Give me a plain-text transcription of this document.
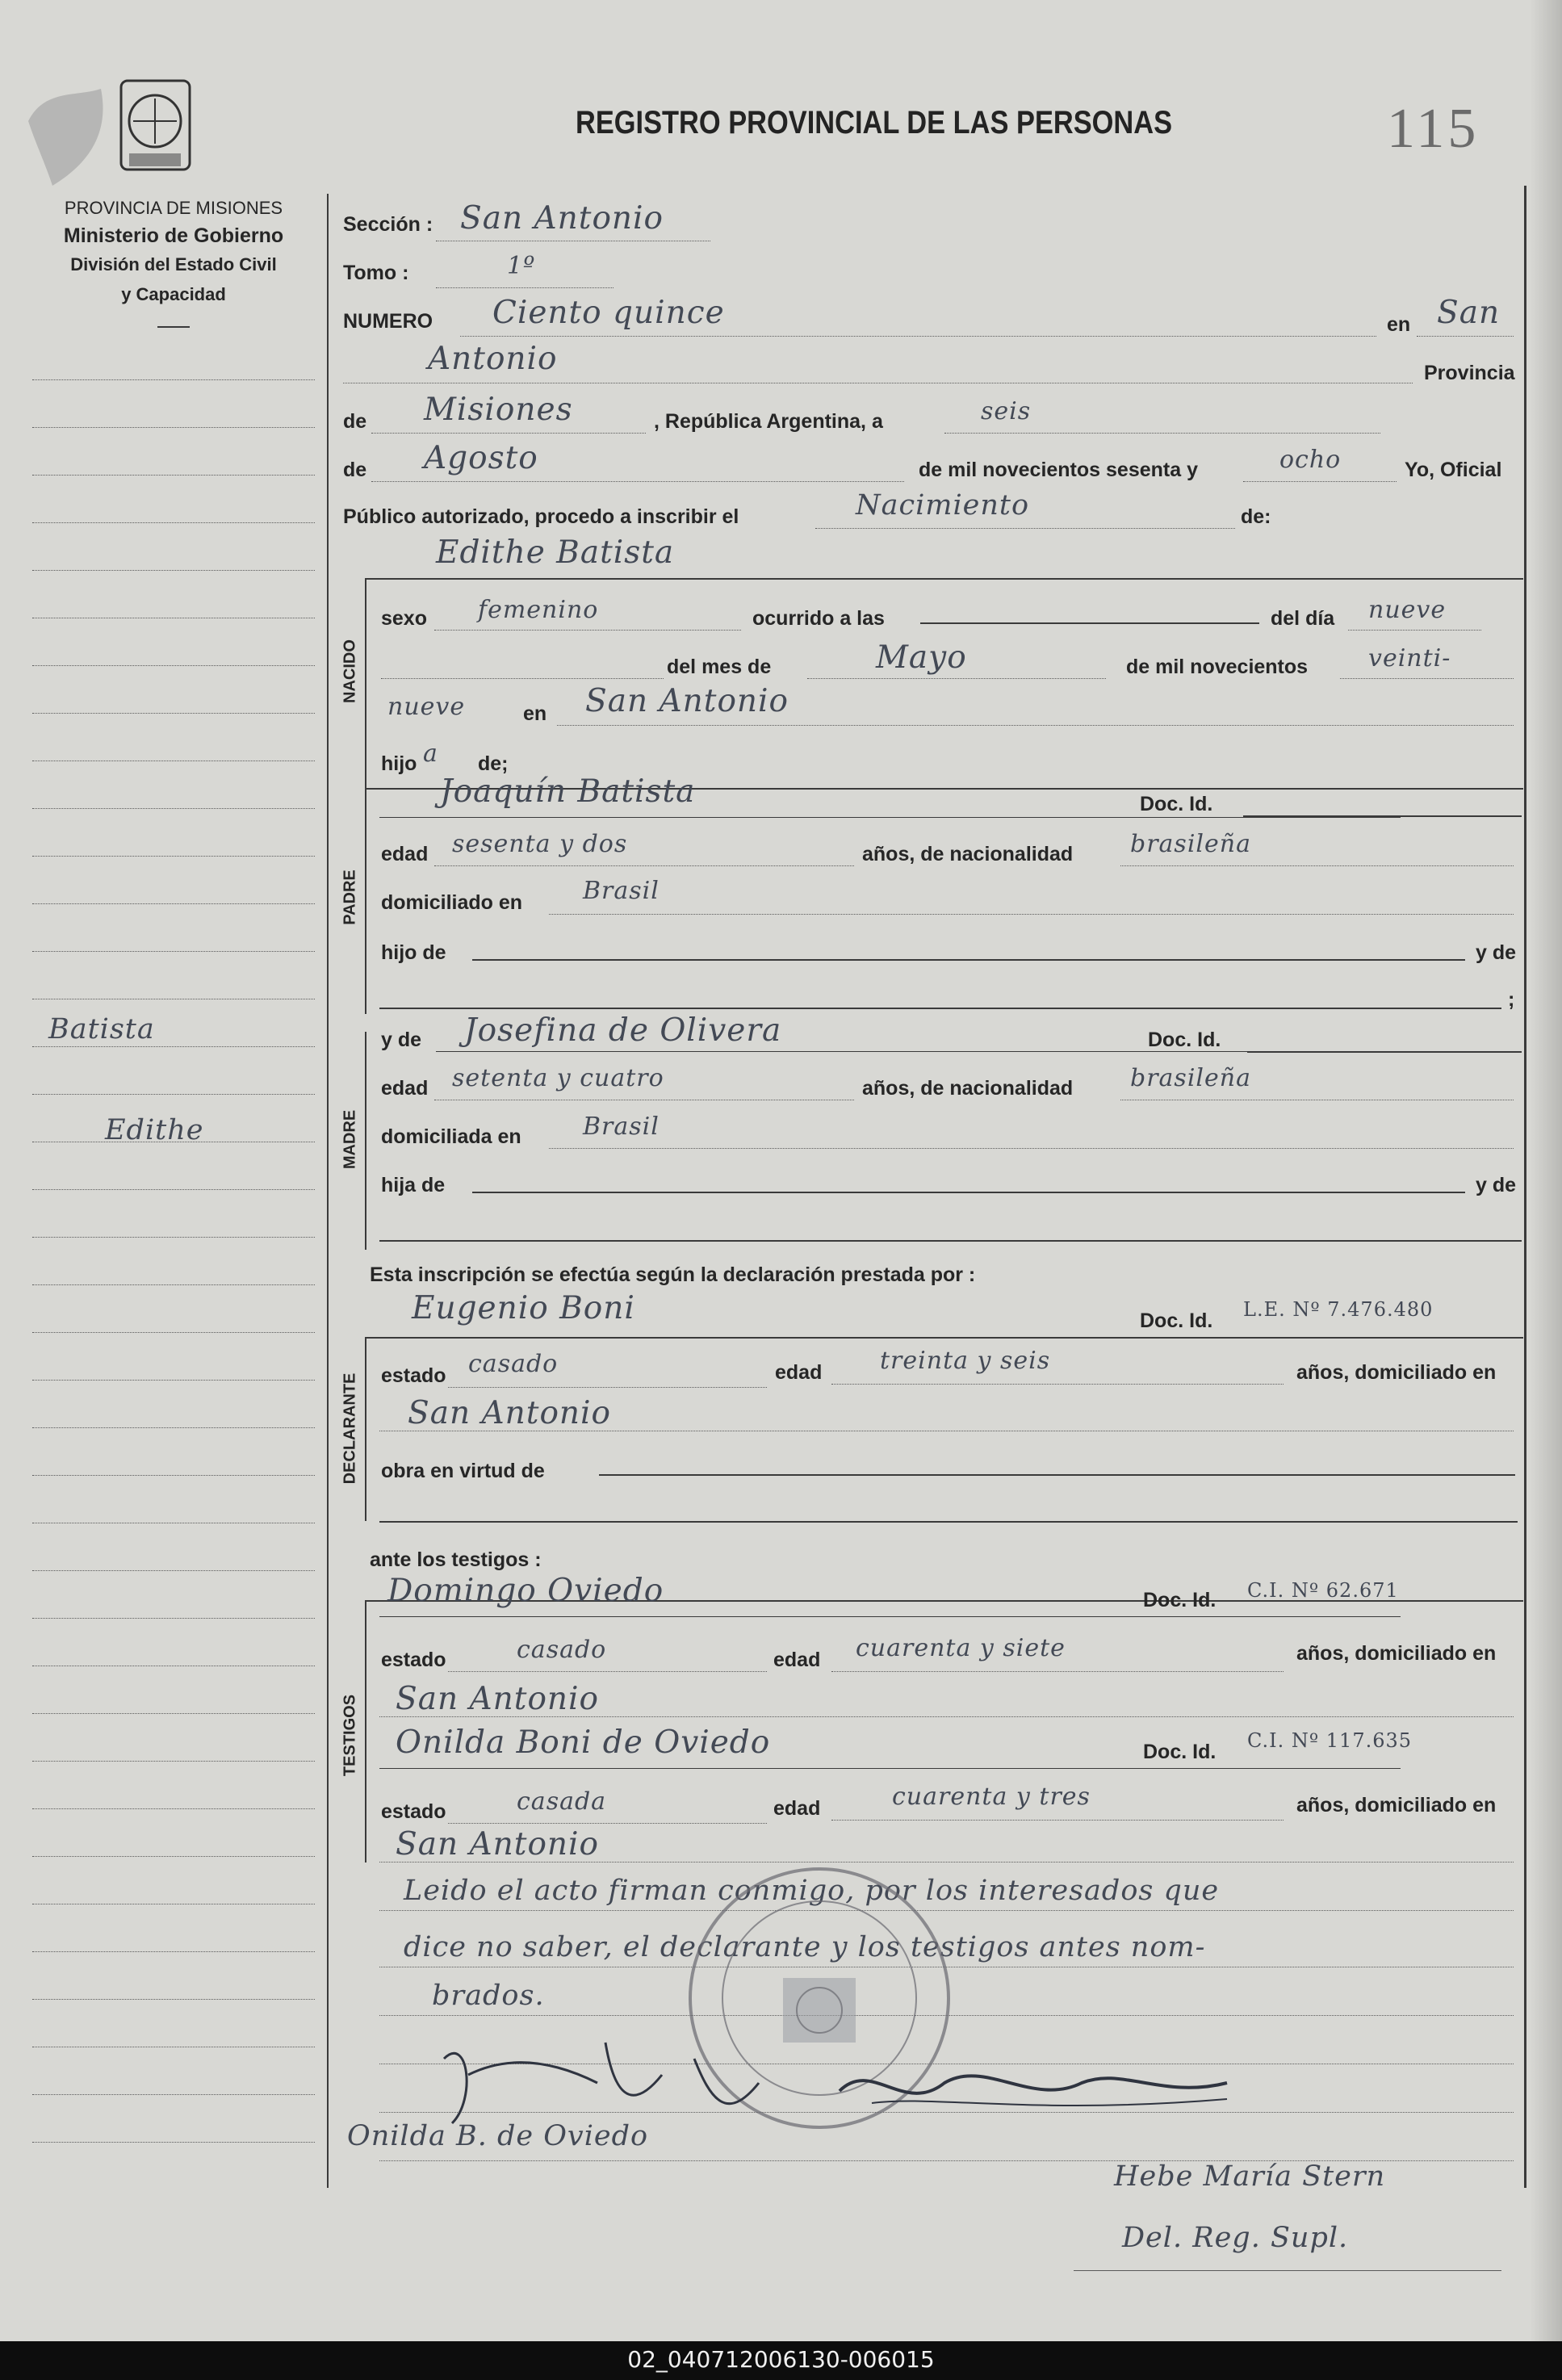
REGISTRO PROVINCIAL DE LAS PERSONAS	115
PROVINCIA DE MISIONES
Ministerio de Gobierno
División del Estado Civil
y Capacidad
Batista
Edithe
Sección : San Antonio
Tomo :	1º
NUMERO Ciento quince	en San
Antonio	Provincia
de Misiones	, República Argentina, a	seis
de Agosto	de mil novecientos sesenta y	ocho	Yo, Oficial
Público autorizado, procedo a inscribir el	Nacimiento	de:
Edithe Batista
NACIDO
sexo femenino	ocurrido a las	del día nueve
del mes de	Mayo	de mil novecientos veinti-
nueve	en San Antonio
hijo a de;
PADRE
Joaquín Batista	Doc. Id.
edad sesenta y dos	años, de nacionalidad brasileña
domiciliado en Brasil
hijo de	y de
;
MADRE
y de Josefina de Olivera	Doc. Id.
edad setenta y cuatro	años, de nacionalidad brasileña
domiciliada en	Brasil
hija de	y de
Esta inscripción se efectúa según la declaración prestada por :
Eugenio Boni	Doc. Id. L.E. Nº 7.476.480
DECLARANTE estado casado	edad treinta y seis	años, domiciliado en
San Antonio
obra en virtud de
ante los testigos :
TESTIGOS
Domingo Oviedo	Doc. Id. C.I. Nº 62.671
estado	casado	edad cuarenta y siete	años, domiciliado en
San Antonio
Onilda Boni de Oviedo	Doc. Id. C.I. Nº 117.635
estado	casada	edad	cuarenta y tres	años, domiciliado en
San Antonio
Leido el acto firman conmigo, por los interesados que
dice no saber, el declarante y los testigos antes nom-
brados.
Onilda B. de Oviedo
Hebe María Stern
Del. Reg. Supl.
02_040712006130-006015
